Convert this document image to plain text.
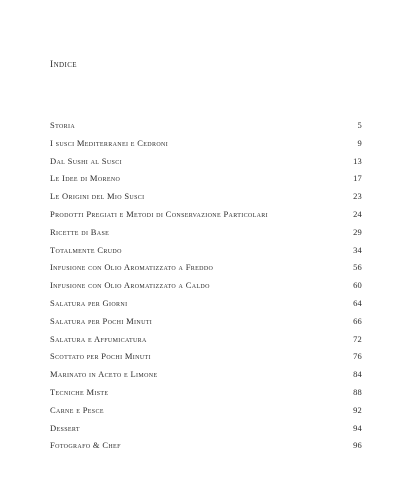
Indice
Storia	5
I susci Mediterranei e Cedroni	9
Dal Sushi al Susci	13
Le Idee di Moreno	17
Le Origini del Mio Susci	23
Prodotti Pregiati e Metodi di Conservazione Particolari	24
Ricette di Base	29
Totalmente Crudo	34
Infusione con Olio Aromatizzato a Freddo	56
Infusione con Olio Aromatizzato a Caldo	60
Salatura per Giorni	64
Salatura per Pochi Minuti	66
Salatura e Affumicatura	72
Scottato per Pochi Minuti	76
Marinato in Aceto e Limone	84
Tecniche Miste	88
Carne e Pesce	92
Dessert	94
Fotografo & Chef	96
